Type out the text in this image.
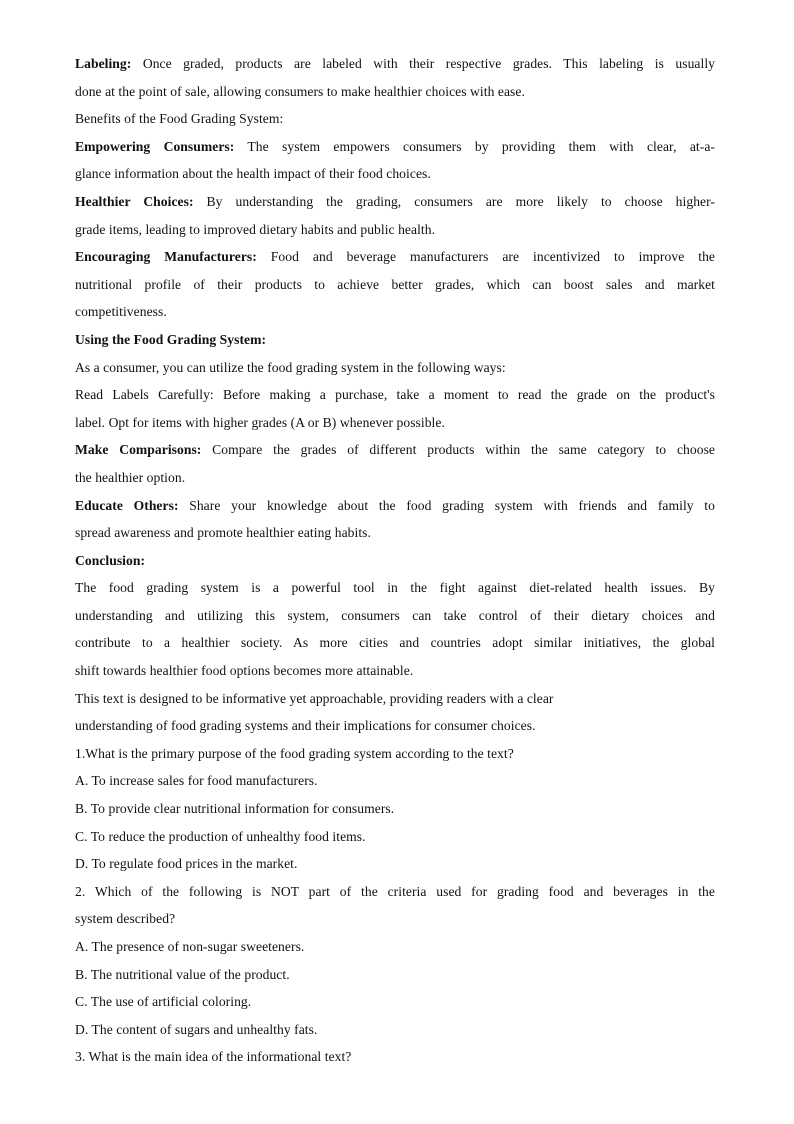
Labeling: Once graded, products are labeled with their respective grades. This labeling is usually
done at the point of sale, allowing consumers to make healthier choices with ease.
Benefits of the Food Grading System:
Empowering Consumers: The system empowers consumers by providing them with clear, at-a-
glance information about the health impact of their food choices.
Healthier Choices: By understanding the grading, consumers are more likely to choose higher-
grade items, leading to improved dietary habits and public health.
Encouraging Manufacturers: Food and beverage manufacturers are incentivized to improve the
nutritional profile of their products to achieve better grades, which can boost sales and market
competitiveness.
Using the Food Grading System:
As a consumer, you can utilize the food grading system in the following ways:
Read Labels Carefully: Before making a purchase, take a moment to read the grade on the product's
label. Opt for items with higher grades (A or B) whenever possible.
Make Comparisons: Compare the grades of different products within the same category to choose
the healthier option.
Educate Others: Share your knowledge about the food grading system with friends and family to
spread awareness and promote healthier eating habits.
Conclusion:
The food grading system is a powerful tool in the fight against diet-related health issues. By
understanding and utilizing this system, consumers can take control of their dietary choices and
contribute to a healthier society. As more cities and countries adopt similar initiatives, the global
shift towards healthier food options becomes more attainable.
This text is designed to be informative yet approachable, providing readers with a clear
understanding of food grading systems and their implications for consumer choices.
1.What is the primary purpose of the food grading system according to the text?
A. To increase sales for food manufacturers.
B. To provide clear nutritional information for consumers.
C. To reduce the production of unhealthy food items.
D. To regulate food prices in the market.
2. Which of the following is NOT part of the criteria used for grading food and beverages in the
system described?
A. The presence of non-sugar sweeteners.
B. The nutritional value of the product.
C. The use of artificial coloring.
D. The content of sugars and unhealthy fats.
3. What is the main idea of the informational text?
